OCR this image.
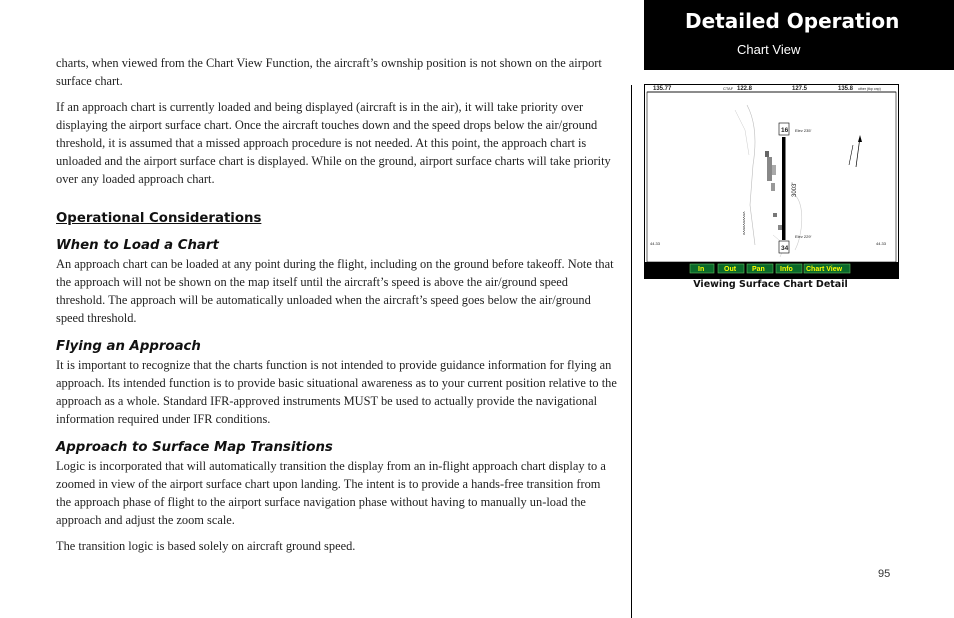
charts, when viewed from the Chart View Function, the aircraft’s ownship position is not shown on the airport surface chart.

If an approach chart is currently loaded and being displayed (aircraft is in the air), it will take priority over displaying the airport surface chart. Once the aircraft touches down and the speed drops below the air/ground threshold, it is assumed that a missed approach procedure is not needed. At this point, the approach chart is unloaded and the airport surface chart is displayed. While on the ground, airport surface charts will take priority over any loaded approach chart.

Operational Considerations
When to Load a Chart

An approach chart can be loaded at any point during the flight, including on the ground before takeoff. Note that the approach will not be shown on the map itself until the aircraft’s speed is above the air/ground speed threshold. The approach will be automatically unloaded when the aircraft’s speed goes below the air/ground speed threshold.

Flying an Approach

It is important to recognize that the charts function is not intended to provide guidance information for flying an approach. Its intended function is to provide basic situational awareness as to your current position relative to the approach as a whole. Standard IFR-approved instruments MUST be used to actually provide the navigational information required under IFR conditions.

Approach to Surface Map Transitions

Logic is incorporated that will automatically transition the display from an in-flight approach chart display to a zoomed in view of the airport surface chart upon landing. The intent is to provide a hands-free transition from the approach phase of flight to the airport surface navigation phase without having to manually un-load the approach and adjust the zoom scale.

The transition logic is based solely on aircraft ground speed.

Detailed Operation
Chart View
135.77	CTAF 122.8	127.5	135.8 other (tkp onp)
16
34
Elev 235'
Elev 229'
3003'
^^^^^^^^^^
44.33	44.33
In	Out Pan Info Chart View
Viewing Surface Chart Detail
95
